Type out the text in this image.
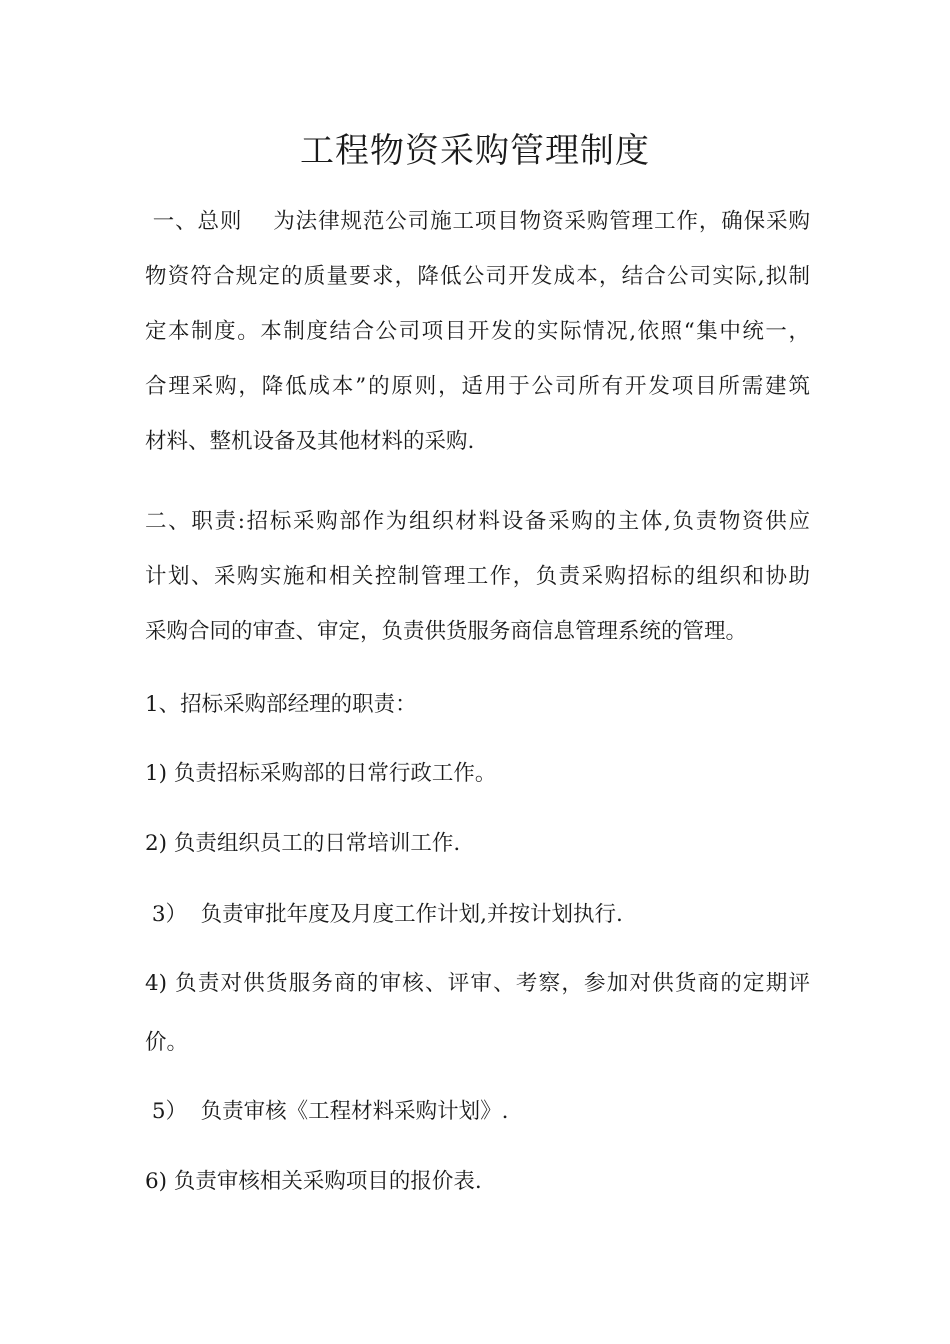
工程物资采购管理制度
一、总则    为法律规范公司施工项目物资采购管理工作，确保采购
物资符合规定的质量要求，降低公司开发成本，结合公司实际,拟制
定本制度。本制度结合公司项目开发的实际情况,依照“集中统一，
合理采购，降低成本”的原则，适用于公司所有开发项目所需建筑
材料、整机设备及其他材料的采购.
二、职责:招标采购部作为组织材料设备采购的主体,负责物资供应
计划、采购实施和相关控制管理工作，负责采购招标的组织和协助
采购合同的审查、审定，负责供货服务商信息管理系统的管理。

1、招标采购部经理的职责：

1) 负责招标采购部的日常行政工作。

2) 负责组织员工的日常培训工作.

3）  负责审批年度及月度工作计划,并按计划执行.

4) 负责对供货服务商的审核、评审、考察，参加对供货商的定期评

价。

5）  负责审核《工程材料采购计划》.

6) 负责审核相关采购项目的报价表.
